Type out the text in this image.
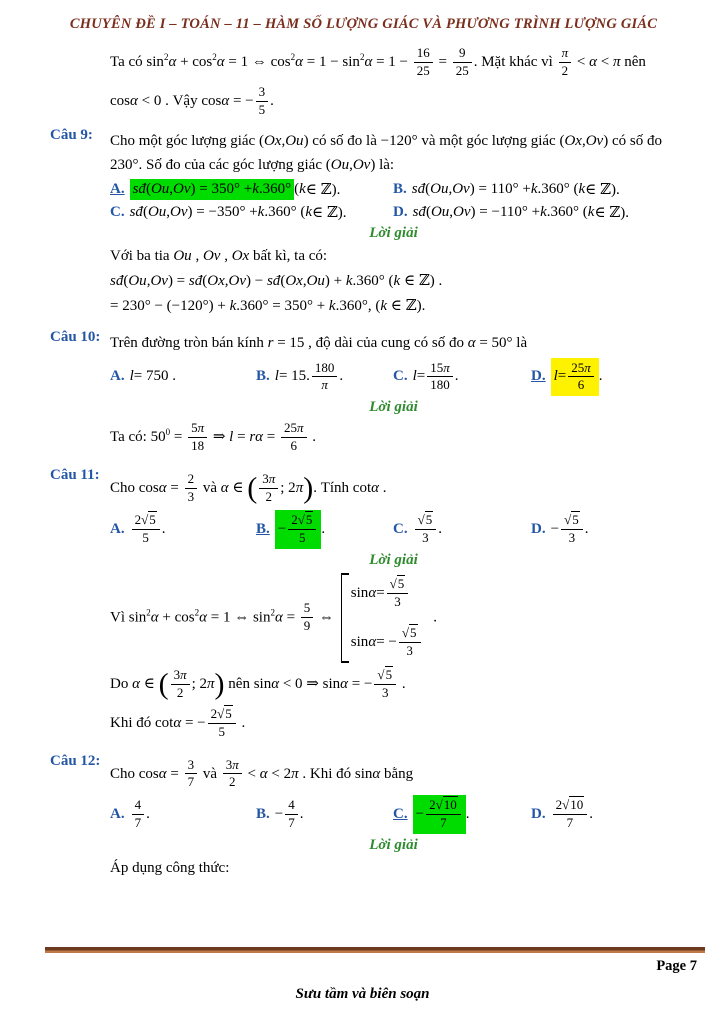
CHUYÊN ĐỀ I – TOÁN – 11 – HÀM SỐ LƯỢNG GIÁC VÀ PHƯƠNG TRÌNH LƯỢNG GIÁC
Ta có $\sin^2\alpha + \cos^2\alpha = 1$ ⇔ $\cos^2\alpha = 1 - \sin^2\alpha = 1 - \frac{16}{25} = \frac{9}{25}$ . Mặt khác vì $\frac{\pi}{2} < \alpha < \pi$ nên
cosα < 0 . Vậy cosα = − $\frac{3}{5}$ .
Câu 9:	Cho một góc lượng giác (Ox,Ou) có số đo là −120° và một góc lượng giác (Ox,Ov) có số đo
230°. Số đo của các góc lượng giác (Ou,Ov) là:
A. sđ ( Ou , Ov ) = 350° + k .360° ( k ∈ ℤ).	B. sđ ( Ou , Ov ) = 110° + k .360° ( k ∈ ℤ).
C. sđ ( Ou , Ov ) = −350° + k .360° ( k ∈ ℤ).	D. sđ ( Ou , Ov ) = −110° + k .360° ( k ∈ ℤ).
Lời giải
Với ba tia Ou , Ov , Ox bất kì, ta có:
sđ(Ou,Ov) = sđ(Ox,Ov) − sđ(Ox,Ou) + k.360° (k ∈ ℤ) .
= 230° − (−120°) + k.360° = 350° + k.360°, (k ∈ ℤ).
Câu 10: Trên đường tròn bán kính r = 15 , độ dài của cung có số đo α = 50° là
A. l = 750 .	B. l = 15. $\frac{180}{\pi}$ .	C. $l = \frac{15\pi}{180}$ .	D. $l = \frac{25\pi}{6}$ .
Lời giải
Ta có: $50^0 = \frac{5\pi}{18}$ ⇒ $l = r\alpha = \frac{25\pi}{6}$ .
Câu 11:
Cho $\cos\alpha = \frac{2}{3}$ và α ∈ ( $\frac{3\pi}{2}$ ; 2π). Tính cotα .
A. $\frac{2√5}{5}$ .	B. − $\frac{2√5}{5}$ .	C. $\frac{√5}{3}$ .	D. − $\frac{√5}{3}$ .
Lời giải
Vì $\sin^2\alpha + \cos^2\alpha = 1$ ⇔ $\sin^2\alpha = \frac{5}{9}$ ⇔
$\sin \alpha = \frac{√5}{3}$
sin α = − $\frac{√5}{3}$
.
Do α ∈ ( $\frac{3\pi}{2}$ ; 2π) nên sinα < 0 ⇒ sinα = − $\frac{√5}{3}$ .
Khi đó cotα = − $\frac{2√5}{5}$ .
Câu 12:
Cho $\cos\alpha = \frac{3}{7}$ và $\frac{3\pi}{2} < \alpha < 2\pi$ . Khi đó sinα bằng
A. $\frac{4}{7}$ .	B. − $\frac{4}{7}$ .	C. − $\frac{2√10}{7}$ .	D. $\frac{2√10}{7}$ .
Lời giải
Áp dụng công thức:
Page 7
Sưu tầm và biên soạn
